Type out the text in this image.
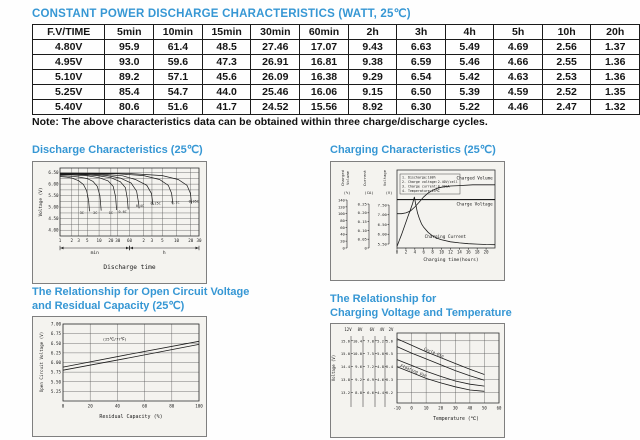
CONSTANT POWER DISCHARGE CHARACTERISTICS (WATT, 25℃)
F.V/TIME	5min	10min	15min	30min	60min	2h	3h	4h	5h	10h	20h
4.80V	95.9	61.4	48.5	27.46	17.07	9.43	6.63	5.49	4.69	2.56	1.37
4.95V	93.0	59.6	47.3	26.91	16.81	9.38	6.59	5.46	4.66	2.55	1.36
5.10V	89.2	57.1	45.6	26.09	16.38	9.29	6.54	5.42	4.63	2.53	1.36
5.25V	85.4	54.7	44.0	25.46	16.06	9.15	6.50	5.39	4.59	2.52	1.35
5.40V	80.6	51.6	41.7	24.52	15.56	8.92	6.30	5.22	4.46	2.47	1.32
Note: The above characteristics data can be obtained within three charge/discharge cycles.
Discharge Characteristics (25℃)
4.00
4.50
5.00
5.50
6.00
6.50
Voltage (V)
1 2 3 5 10 20 30 60 2 3 5 10 20 30
min	h
Discharge time
3C	2C	1C 0.6C
0.4C
0.25C	0.1C	0.05C
Charging Characteristics (25℃)
Charged Volume
(%)
140
120
100
80
60
40
20
0
Current
(CA)
0.25
0.20
0.15
0.10
0.05
0
Voltage
(V)
7.50
7.00
6.50
6.00
5.50
0 2 4 6 8 10 12 14 16 18 20
Charging time(hours)
1. Discharge:100%
2. Charge voltage:2.40V/cell
3. Charge current:0.20CA
4. Temperature:25℃
Charged Volume
Charge Voltage
Charging Current
The Relationship for Open Circuit Voltage
and Residual Capacity (25℃)
7.00
6.75
6.50
6.25
6.00
5.75
5.50
5.25
Open Circuit Voltage (V)
0	20	40	60	80	100
Residual Capacity (%)
(25℃/77℉)
The Relationship for
Charging Voltage and Temperature
12V
15.6
15.0
14.4
13.8
13.2
8V
10.4
10.0
9.6
9.2
8.8
6V
7.8
7.5
7.2
6.9
6.6
4V
5.2
5.0
4.8
4.6
4.4
2V
2.6
2.5
2.4
2.3
2.2
Voltage (V)
-10 0	10 20 30 40 50 60
Temperature (℃)
Cycle Use
Floating Use
